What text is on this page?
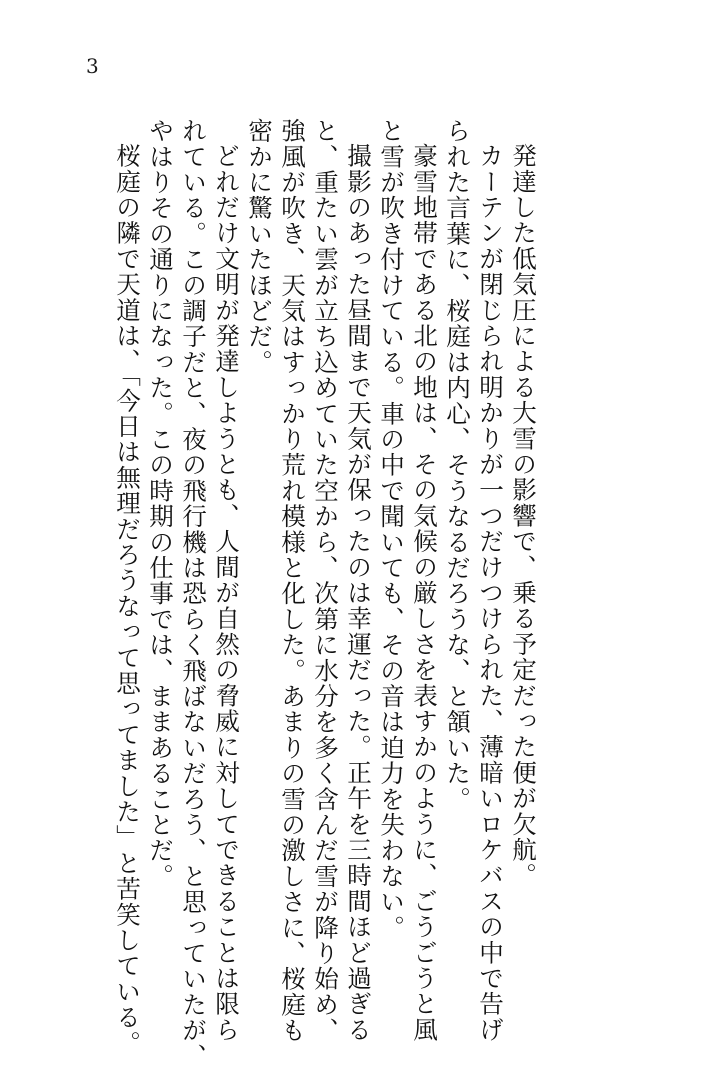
3
発達した低気圧による大雪の影響で、乗る予定だった便が欠航。
カーテンが閉じられ明かりが一つだけつけられた、薄暗いロケバスの中で告げ
られた言葉に、桜庭は内心、そうなるだろうな、と頷いた。
豪雪地帯である北の地は、その気候の厳しさを表すかのように、ごうごうと風
と雪が吹き付けている。車の中で聞いても、その音は迫力を失わない。
撮影のあった昼間まで天気が保ったのは幸運だった。正午を三時間ほど過ぎる
と、重たい雲が立ち込めていた空から、次第に水分を多く含んだ雪が降り始め、
強風が吹き、天気はすっかり荒れ模様と化した。あまりの雪の激しさに、桜庭も
密かに驚いたほどだ。
どれだけ文明が発達しようとも、人間が自然の脅威に対してできることは限ら
れている。この調子だと、夜の飛行機は恐らく飛ばないだろう、と思っていたが、
やはりその通りになった。この時期の仕事では、ままあることだ。
桜庭の隣で天道は、「今日は無理だろうなって思ってました」と苦笑している。
